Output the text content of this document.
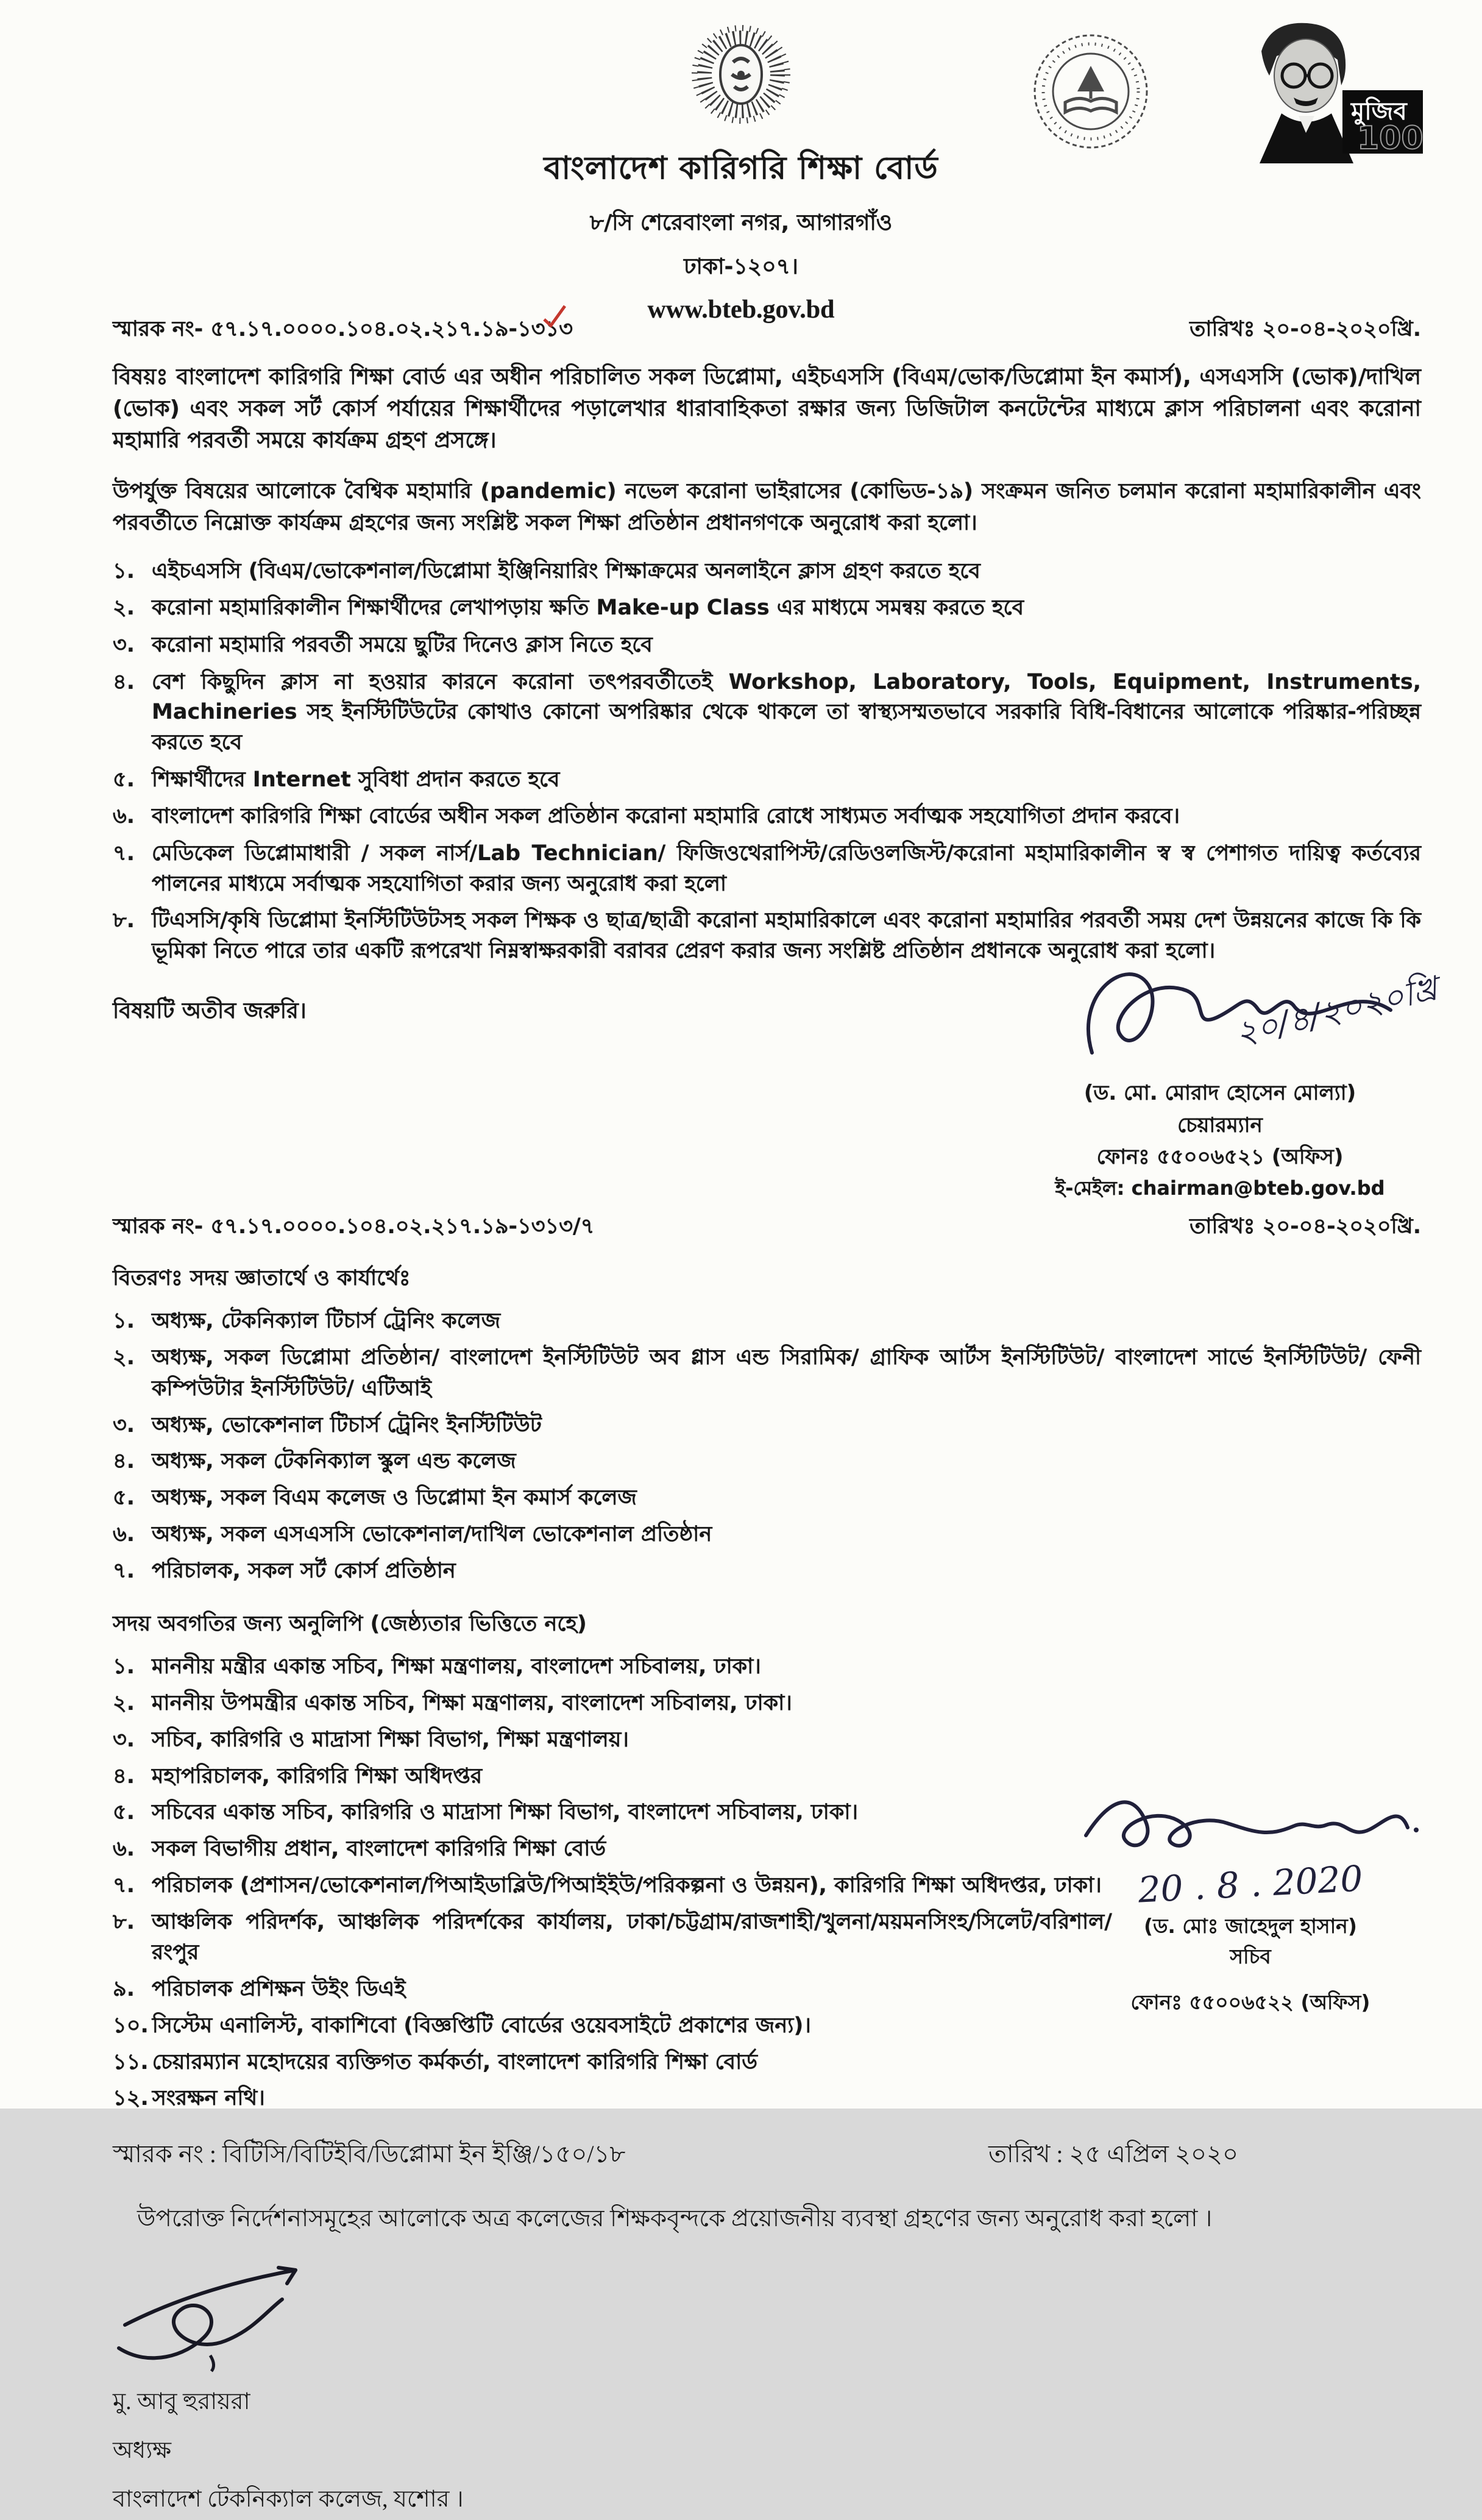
বাংলাদেশ কারিগরি শিক্ষা বোর্ড
৮/সি শেরেবাংলা নগর, আগারগাঁও
ঢাকা-১২০৭।
www.bteb.gov.bd
মুজিব
100
স্মারক নং- ৫৭.১৭.০০০০.১০৪.০২.২১৭.১৯-১৩১৩	তারিখঃ ২০-০৪-২০২০খ্রি.
বিষয়ঃ বাংলাদেশ কারিগরি শিক্ষা বোর্ড এর অধীন পরিচালিত সকল ডিপ্লোমা, এইচএসসি (বিএম/ভোক/ডিপ্লোমা ইন কমার্স), এসএসসি (ভোক)/দাখিল (ভোক) এবং সকল সর্ট কোর্স পর্যায়ের শিক্ষার্থীদের পড়ালেখার ধারাবাহিকতা রক্ষার জন্য ডিজিটাল কনটেন্টের মাধ্যমে ক্লাস পরিচালনা এবং করোনা মহামারি পরবর্তী সময়ে কার্যক্রম গ্রহণ প্রসঙ্গে।
উপর্যুক্ত বিষয়ের আলোকে বৈশ্বিক মহামারি (pandemic) নভেল করোনা ভাইরাসের (কোভিড-১৯) সংক্রমন জনিত চলমান করোনা মহামারিকালীন এবং পরবর্তীতে নিম্নোক্ত কার্যক্রম গ্রহণের জন্য সংশ্লিষ্ট সকল শিক্ষা প্রতিষ্ঠান প্রধানগণকে অনুরোধ করা হলো।
১. এইচএসসি (বিএম/ভোকেশনাল/ডিপ্লোমা ইঞ্জিনিয়ারিং শিক্ষাক্রমের অনলাইনে ক্লাস গ্রহণ করতে হবে
২. করোনা মহামারিকালীন শিক্ষার্থীদের লেখাপড়ায় ক্ষতি Make-up Class এর মাধ্যমে সমন্বয় করতে হবে
৩. করোনা মহামারি পরবর্তী সময়ে ছুটির দিনেও ক্লাস নিতে হবে
৪. বেশ কিছুদিন ক্লাস না হওয়ার কারনে করোনা তৎপরবর্তীতেই Workshop, Laboratory, Tools, Equipment, Instruments, Machineries সহ ইনস্টিটিউটের কোথাও কোনো অপরিষ্কার থেকে থাকলে তা স্বাস্থ্যসম্মতভাবে সরকারি বিধি-বিধানের আলোকে পরিষ্কার-পরিচ্ছন্ন করতে হবে
৫. শিক্ষার্থীদের Internet সুবিধা প্রদান করতে হবে
৬. বাংলাদেশ কারিগরি শিক্ষা বোর্ডের অধীন সকল প্রতিষ্ঠান করোনা মহামারি রোধে সাধ্যমত সর্বাত্মক সহযোগিতা প্রদান করবে।
৭. মেডিকেল ডিপ্লোমাধারী / সকল নার্স/Lab Technician/ ফিজিওথেরাপিস্ট/রেডিওলজিস্ট/করোনা মহামারিকালীন স্ব স্ব পেশাগত দায়িত্ব কর্তব্যের পালনের মাধ্যমে সর্বাত্মক সহযোগিতা করার জন্য অনুরোধ করা হলো
৮. টিএসসি/কৃষি ডিপ্লোমা ইনস্টিটিউটসহ সকল শিক্ষক ও ছাত্র/ছাত্রী করোনা মহামারিকালে এবং করোনা মহামারির পরবর্তী সময় দেশ উন্নয়নের কাজে কি কি ভূমিকা নিতে পারে তার একটি রূপরেখা নিম্নস্বাক্ষরকারী বরাবর প্রেরণ করার জন্য সংশ্লিষ্ট প্রতিষ্ঠান প্রধানকে অনুরোধ করা হলো।
বিষয়টি অতীব জরুরি।	২০/৪/২০২০খ্রি
(ড. মো. মোরাদ হোসেন মোল্যা)
চেয়ারম্যান
ফোনঃ ৫৫০০৬৫২১ (অফিস)
ই-মেইল: chairman@bteb.gov.bd
স্মারক নং- ৫৭.১৭.০০০০.১০৪.০২.২১৭.১৯-১৩১৩/৭	তারিখঃ ২০-০৪-২০২০খ্রি.
বিতরণঃ সদয় জ্ঞাতার্থে ও কার্যার্থেঃ
১. অধ্যক্ষ, টেকনিক্যাল টিচার্স ট্রেনিং কলেজ
২. অধ্যক্ষ, সকল ডিপ্লোমা প্রতিষ্ঠান/ বাংলাদেশ ইনস্টিটিউট অব গ্লাস এন্ড সিরামিক/ গ্রাফিক আর্টস ইনস্টিটিউট/ বাংলাদেশ সার্ভে ইনস্টিটিউট/ ফেনী কম্পিউটার ইনস্টিটিউট/ এটিআই
৩. অধ্যক্ষ, ভোকেশনাল টিচার্স ট্রেনিং ইনস্টিটিউট
৪. অধ্যক্ষ, সকল টেকনিক্যাল স্কুল এন্ড কলেজ
৫. অধ্যক্ষ, সকল বিএম কলেজ ও ডিপ্লোমা ইন কমার্স কলেজ
৬. অধ্যক্ষ, সকল এসএসসি ভোকেশনাল/দাখিল ভোকেশনাল প্রতিষ্ঠান
৭. পরিচালক, সকল সর্ট কোর্স প্রতিষ্ঠান
সদয় অবগতির জন্য অনুলিপি (জেষ্ঠ্যতার ভিত্তিতে নহে)
১. মাননীয় মন্ত্রীর একান্ত সচিব, শিক্ষা মন্ত্রণালয়, বাংলাদেশ সচিবালয়, ঢাকা।
২. মাননীয় উপমন্ত্রীর একান্ত সচিব, শিক্ষা মন্ত্রণালয়, বাংলাদেশ সচিবালয়, ঢাকা।
৩. সচিব, কারিগরি ও মাদ্রাসা শিক্ষা বিভাগ, শিক্ষা মন্ত্রণালয়।
৪. মহাপরিচালক, কারিগরি শিক্ষা অধিদপ্তর
৫. সচিবের একান্ত সচিব, কারিগরি ও মাদ্রাসা শিক্ষা বিভাগ, বাংলাদেশ সচিবালয়, ঢাকা।
৬. সকল বিভাগীয় প্রধান, বাংলাদেশ কারিগরি শিক্ষা বোর্ড
৭. পরিচালক (প্রশাসন/ভোকেশনাল/পিআইডাব্লিউ/পিআইইউ/পরিকল্পনা ও উন্নয়ন), কারিগরি শিক্ষা অধিদপ্তর, ঢাকা।
৮. আঞ্চলিক পরিদর্শক, আঞ্চলিক পরিদর্শকের কার্যালয়, ঢাকা/চট্টগ্রাম/রাজশাহী/খুলনা/ময়মনসিংহ/সিলেট/বরিশাল/রংপুর
৯. পরিচালক প্রশিক্ষন উইং ডিএই
১০. সিস্টেম এনালিস্ট, বাকাশিবো (বিজ্ঞপ্তিটি বোর্ডের ওয়েবসাইটে প্রকাশের জন্য)।
১১. চেয়ারম্যান মহোদয়ের ব্যক্তিগত কর্মকর্তা, বাংলাদেশ কারিগরি শিক্ষা বোর্ড
১২. সংরক্ষন নথি।
20 . 8 . 2020
(ড. মোঃ জাহেদুল হাসান)
সচিব
ফোনঃ ৫৫০০৬৫২২ (অফিস)
স্মারক নং : বিটিসি/বিটিইবি/ডিপ্লোমা ইন ইঞ্জি/১৫০/১৮	তারিখ : ২৫ এপ্রিল ২০২০
উপরোক্ত নির্দেশনাসমূহের আলোকে অত্র কলেজের শিক্ষকবৃন্দকে প্রয়োজনীয় ব্যবস্থা গ্রহণের জন্য অনুরোধ করা হলো ।
মু. আবু হুরায়রা
অধ্যক্ষ
বাংলাদেশ টেকনিক্যাল কলেজ, যশোর ।
